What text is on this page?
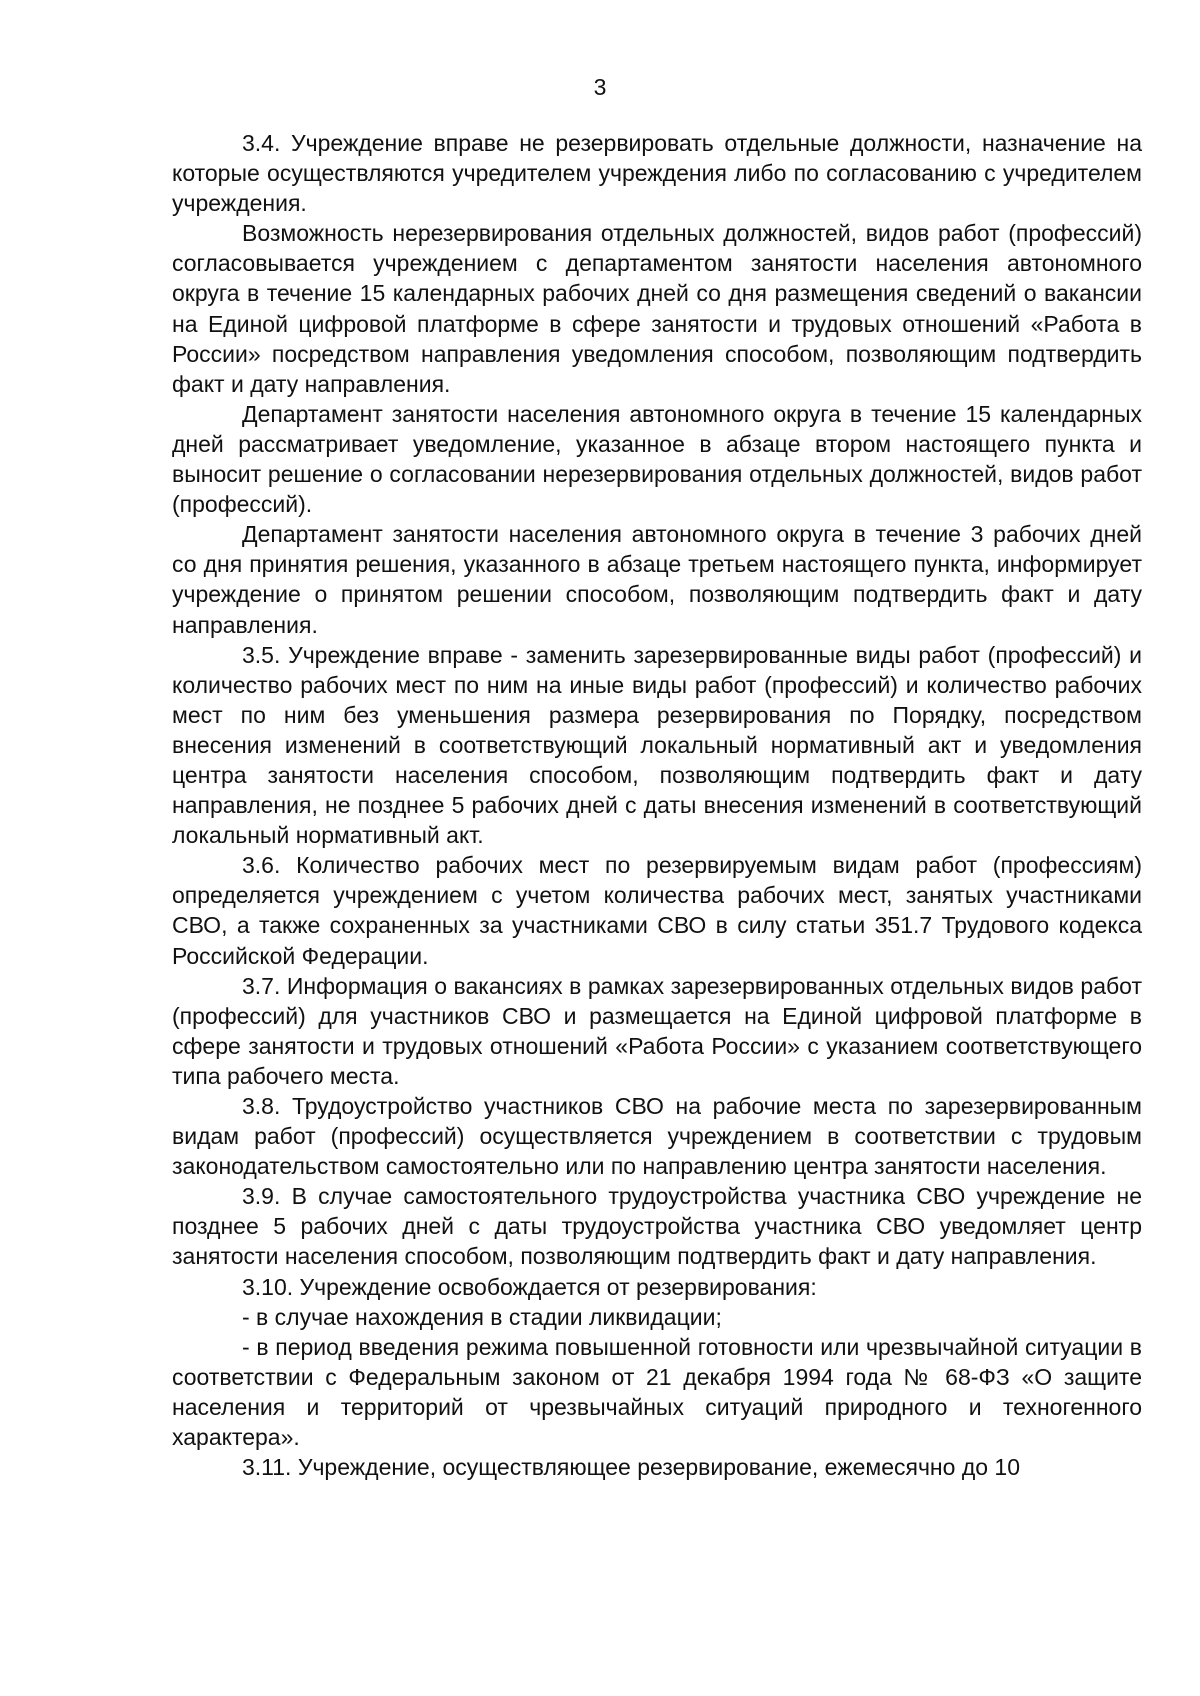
3

3.4. Учреждение вправе не резервировать отдельные должности, назначение на которые осуществляются учредителем учреждения либо по согласованию с учредителем учреждения.

Возможность нерезервирования отдельных должностей, видов работ (профессий) согласовывается учреждением с департаментом занятости населения автономного округа в течение 15 календарных рабочих дней со дня размещения сведений о вакансии на Единой цифровой платформе в сфере занятости и трудовых отношений «Работа в России» посредством направления уведомления способом, позволяющим подтвердить факт и дату направления.

Департамент занятости населения автономного округа в течение 15 календарных дней рассматривает уведомление, указанное в абзаце втором настоящего пункта и выносит решение о согласовании нерезервирования отдельных должностей, видов работ (профессий).

Департамент занятости населения автономного округа в течение 3 рабочих дней со дня принятия решения, указанного в абзаце третьем настоящего пункта, информирует учреждение о принятом решении способом, позволяющим подтвердить факт и дату направления.

3.5. Учреждение вправе - заменить зарезервированные виды работ (профессий) и количество рабочих мест по ним на иные виды работ (профессий) и количество рабочих мест по ним без уменьшения размера резервирования по Порядку, посредством внесения изменений в соответствующий локальный нормативный акт и уведомления центра занятости населения способом, позволяющим подтвердить факт и дату направления, не позднее 5 рабочих дней с даты внесения изменений в соответствующий локальный нормативный акт.

3.6. Количество рабочих мест по резервируемым видам работ (профессиям) определяется учреждением с учетом количества рабочих мест, занятых участниками СВО, а также сохраненных за участниками СВО в силу статьи 351.7 Трудового кодекса Российской Федерации.

3.7. Информация о вакансиях в рамках зарезервированных отдельных видов работ (профессий) для участников СВО и размещается на Единой цифровой платформе в сфере занятости и трудовых отношений «Работа России» с указанием соответствующего типа рабочего места.

3.8. Трудоустройство участников СВО на рабочие места по зарезервированным видам работ (профессий) осуществляется учреждением в соответствии с трудовым законодательством самостоятельно или по направлению центра занятости населения.

3.9. В случае самостоятельного трудоустройства участника СВО учреждение не позднее 5 рабочих дней с даты трудоустройства участника СВО уведомляет центр занятости населения способом, позволяющим подтвердить факт и дату направления.

3.10. Учреждение освобождается от резервирования:

- в случае нахождения в стадии ликвидации;

- в период введения режима повышенной готовности или чрезвычайной ситуации в соответствии с Федеральным законом от 21 декабря 1994 года № 68-ФЗ «О защите населения и территорий от чрезвычайных ситуаций природного и техногенного характера».

3.11. Учреждение, осуществляющее резервирование, ежемесячно до 10
